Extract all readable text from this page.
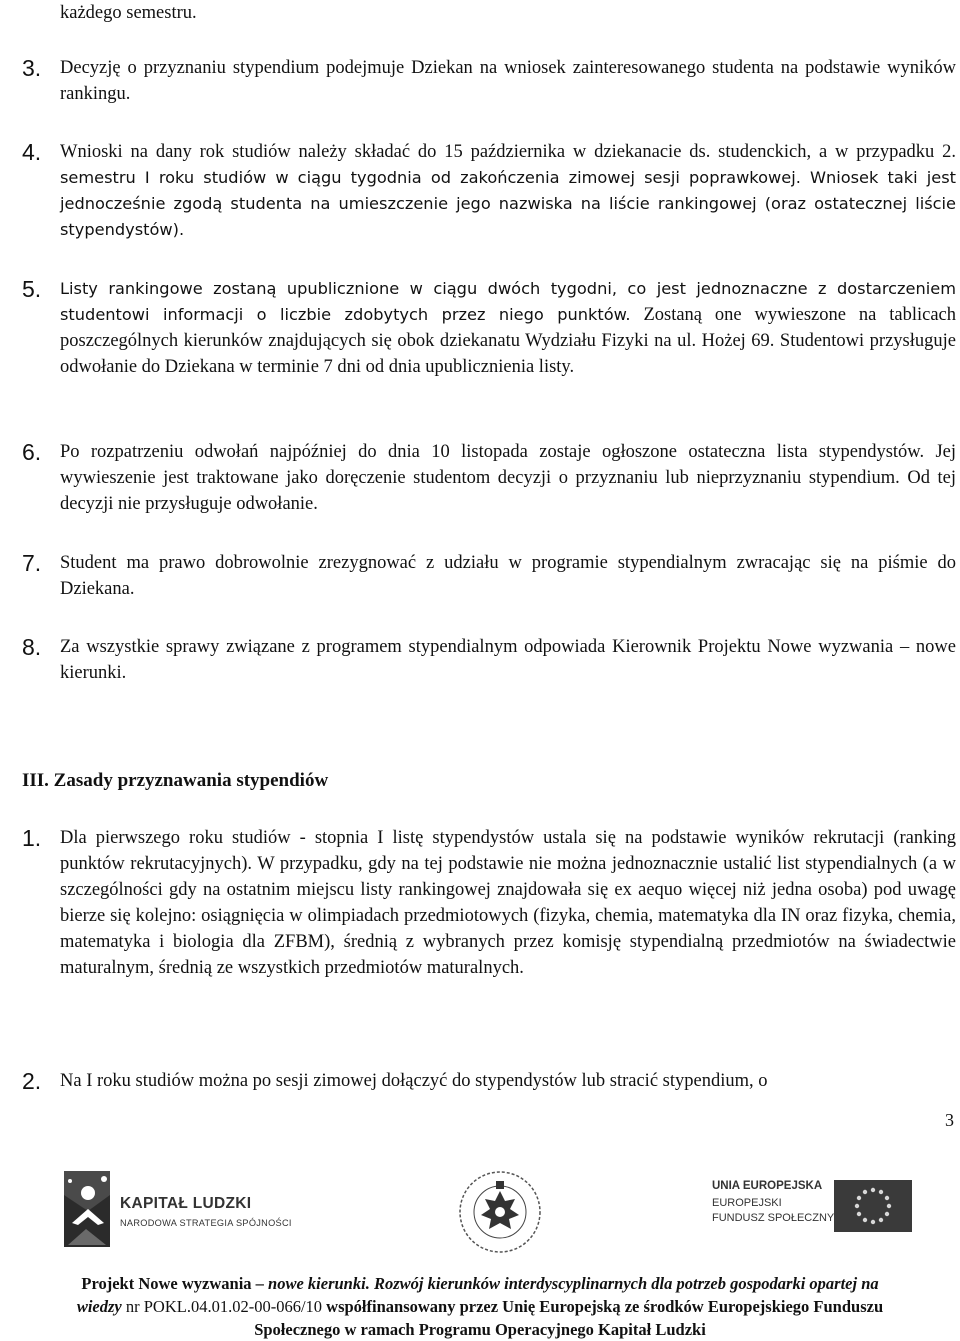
każdego semestru.

3. Decyzję o przyznaniu stypendium podejmuje Dziekan na wniosek zainteresowanego studenta na podstawie wyników rankingu.

4. Wnioski na dany rok studiów należy składać do 15 października w dziekanacie ds. studenckich, a w przypadku 2. semestru I roku studiów w ciągu tygodnia od zakończenia zimowej sesji poprawkowej. Wniosek taki jest jednocześnie zgodą studenta na umieszczenie jego nazwiska na liście rankingowej (oraz ostatecznej liście stypendystów).

5. Listy rankingowe zostaną upublicznione w ciągu dwóch tygodni, co jest jednoznaczne z dostarczeniem studentowi informacji o liczbie zdobytych przez niego punktów. Zostaną one wywieszone na tablicach poszczególnych kierunków znajdujących się obok dziekanatu Wydziału Fizyki na ul. Hożej 69. Studentowi przysługuje odwołanie do Dziekana w terminie 7 dni od dnia upublicznienia listy.

6. Po rozpatrzeniu odwołań najpóźniej do dnia 10 listopada zostaje ogłoszone ostateczna lista stypendystów. Jej wywieszenie jest traktowane jako doręczenie studentom decyzji o przyznaniu lub nieprzyznaniu stypendium. Od tej decyzji nie przysługuje odwołanie.

7. Student ma prawo dobrowolnie zrezygnować z udziału w programie stypendialnym zwracając się na piśmie do Dziekana.

8. Za wszystkie sprawy związane z programem stypendialnym odpowiada Kierownik Projektu Nowe wyzwania – nowe kierunki.

III. Zasady przyznawania stypendiów
1. Dla pierwszego roku studiów - stopnia I listę stypendystów ustala się na podstawie wyników rekrutacji (ranking punktów rekrutacyjnych). W przypadku, gdy na tej podstawie nie można jednoznacznie ustalić list stypendialnych (a w szczególności gdy na ostatnim miejscu listy rankingowej znajdowała się ex aequo więcej niż jedna osoba) pod uwagę bierze się kolejno: osiągnięcia w olimpiadach przedmiotowych (fizyka, chemia, matematyka dla IN oraz fizyka, chemia, matematyka i biologia dla ZFBM), średnią z wybranych przez komisję stypendialną przedmiotów na świadectwie maturalnym, średnią ze wszystkich przedmiotów maturalnych.

2. Na I roku studiów można po sesji zimowej dołączyć do stypendystów lub stracić stypendium, o

3
KAPITAŁ LUDZKI
NARODOWA STRATEGIA SPÓJNOŚCI
UNIA EUROPEJSKA
EUROPEJSKI
FUNDUSZ SPOŁECZNY
Projekt Nowe wyzwania – nowe kierunki. Rozwój kierunków interdyscyplinarnych dla potrzeb gospodarki opartej na
wiedzy nr POKL.04.01.02-00-066/10 współfinansowany przez Unię Europejską ze środków Europejskiego Funduszu
Społecznego w ramach Programu Operacyjnego Kapitał Ludzki
